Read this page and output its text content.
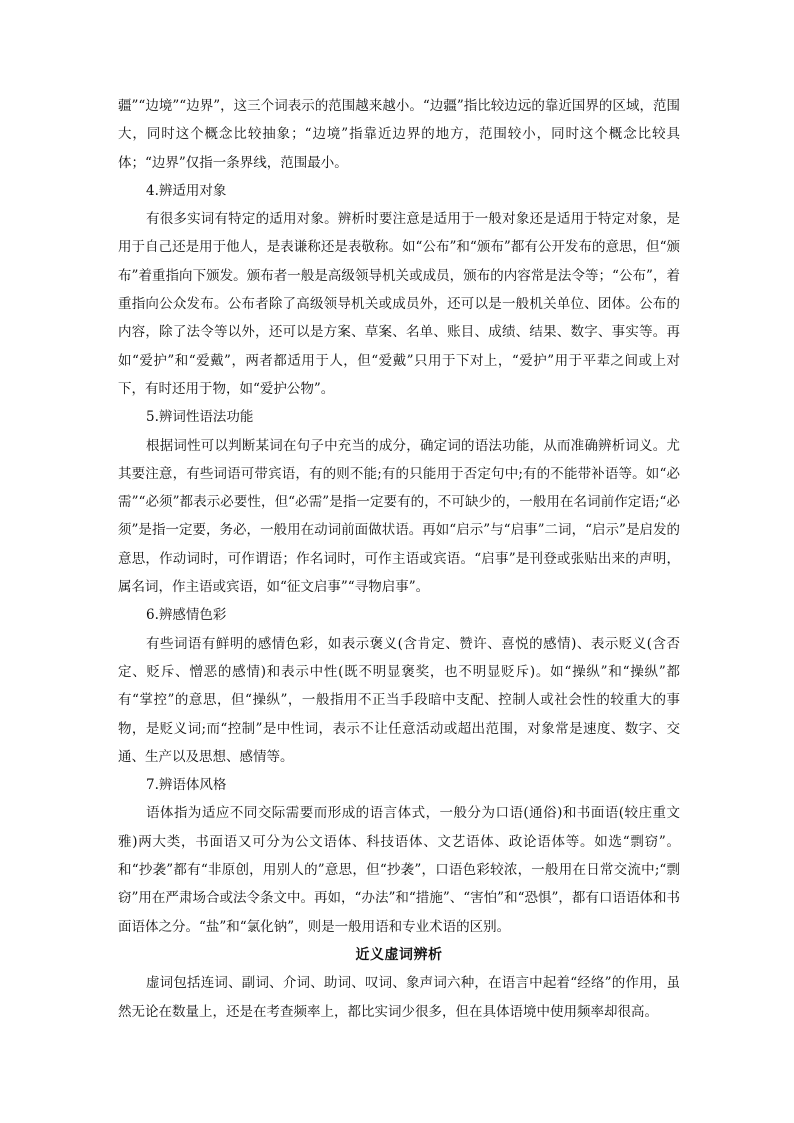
疆”“边境”“边界”，这三个词表示的范围越来越小。“边疆”指比较边远的靠近国界的区域，范围大，同时这个概念比较抽象；“边境”指靠近边界的地方，范围较小，同时这个概念比较具体；“边界”仅指一条界线，范围最小。

4.辨适用对象

有很多实词有特定的适用对象。辨析时要注意是适用于一般对象还是适用于特定对象，是用于自己还是用于他人，是表谦称还是表敬称。如“公布”和“颁布”都有公开发布的意思，但“颁布”着重指向下颁发。颁布者一般是高级领导机关或成员，颁布的内容常是法令等；“公布”，着重指向公众发布。公布者除了高级领导机关或成员外，还可以是一般机关单位、团体。公布的内容，除了法令等以外，还可以是方案、草案、名单、账目、成绩、结果、数字、事实等。再如“爱护”和“爱戴”，两者都适用于人，但“爱戴”只用于下对上，“爱护”用于平辈之间或上对下，有时还用于物，如“爱护公物”。

5.辨词性语法功能

根据词性可以判断某词在句子中充当的成分，确定词的语法功能，从而准确辨析词义。尤其要注意，有些词语可带宾语，有的则不能;有的只能用于否定句中;有的不能带补语等。如“必需”“必须”都表示必要性，但“必需”是指一定要有的，不可缺少的，一般用在名词前作定语;“必须”是指一定要，务必，一般用在动词前面做状语。再如“启示”与“启事”二词，“启示”是启发的意思，作动词时，可作谓语；作名词时，可作主语或宾语。“启事”是刊登或张贴出来的声明，属名词，作主语或宾语，如“征文启事”“寻物启事”。

6.辨感情色彩

有些词语有鲜明的感情色彩，如表示褒义(含肯定、赞许、喜悦的感情)、表示贬义(含否定、贬斥、憎恶的感情)和表示中性(既不明显褒奖，也不明显贬斥)。如“操纵”和“操纵”都有“掌控”的意思，但“操纵”，一般指用不正当手段暗中支配、控制人或社会性的较重大的事物，是贬义词;而“控制”是中性词，表示不让任意活动或超出范围，对象常是速度、数字、交通、生产以及思想、感情等。

7.辨语体风格

语体指为适应不同交际需要而形成的语言体式，一般分为口语(通俗)和书面语(较庄重文雅)两大类，书面语又可分为公文语体、科技语体、文艺语体、政论语体等。如选“剽窃”。和“抄袭”都有“非原创，用别人的”意思，但“抄袭”，口语色彩较浓，一般用在日常交流中;“剽窃”用在严肃场合或法令条文中。再如，“办法”和“措施”、“害怕”和“恐惧”，都有口语语体和书面语体之分。“盐”和“氯化钠”，则是一般用语和专业术语的区别。

近义虚词辨析

虚词包括连词、副词、介词、助词、叹词、象声词六种，在语言中起着“经络”的作用，虽然无论在数量上，还是在考查频率上，都比实词少很多，但在具体语境中使用频率却很高。
